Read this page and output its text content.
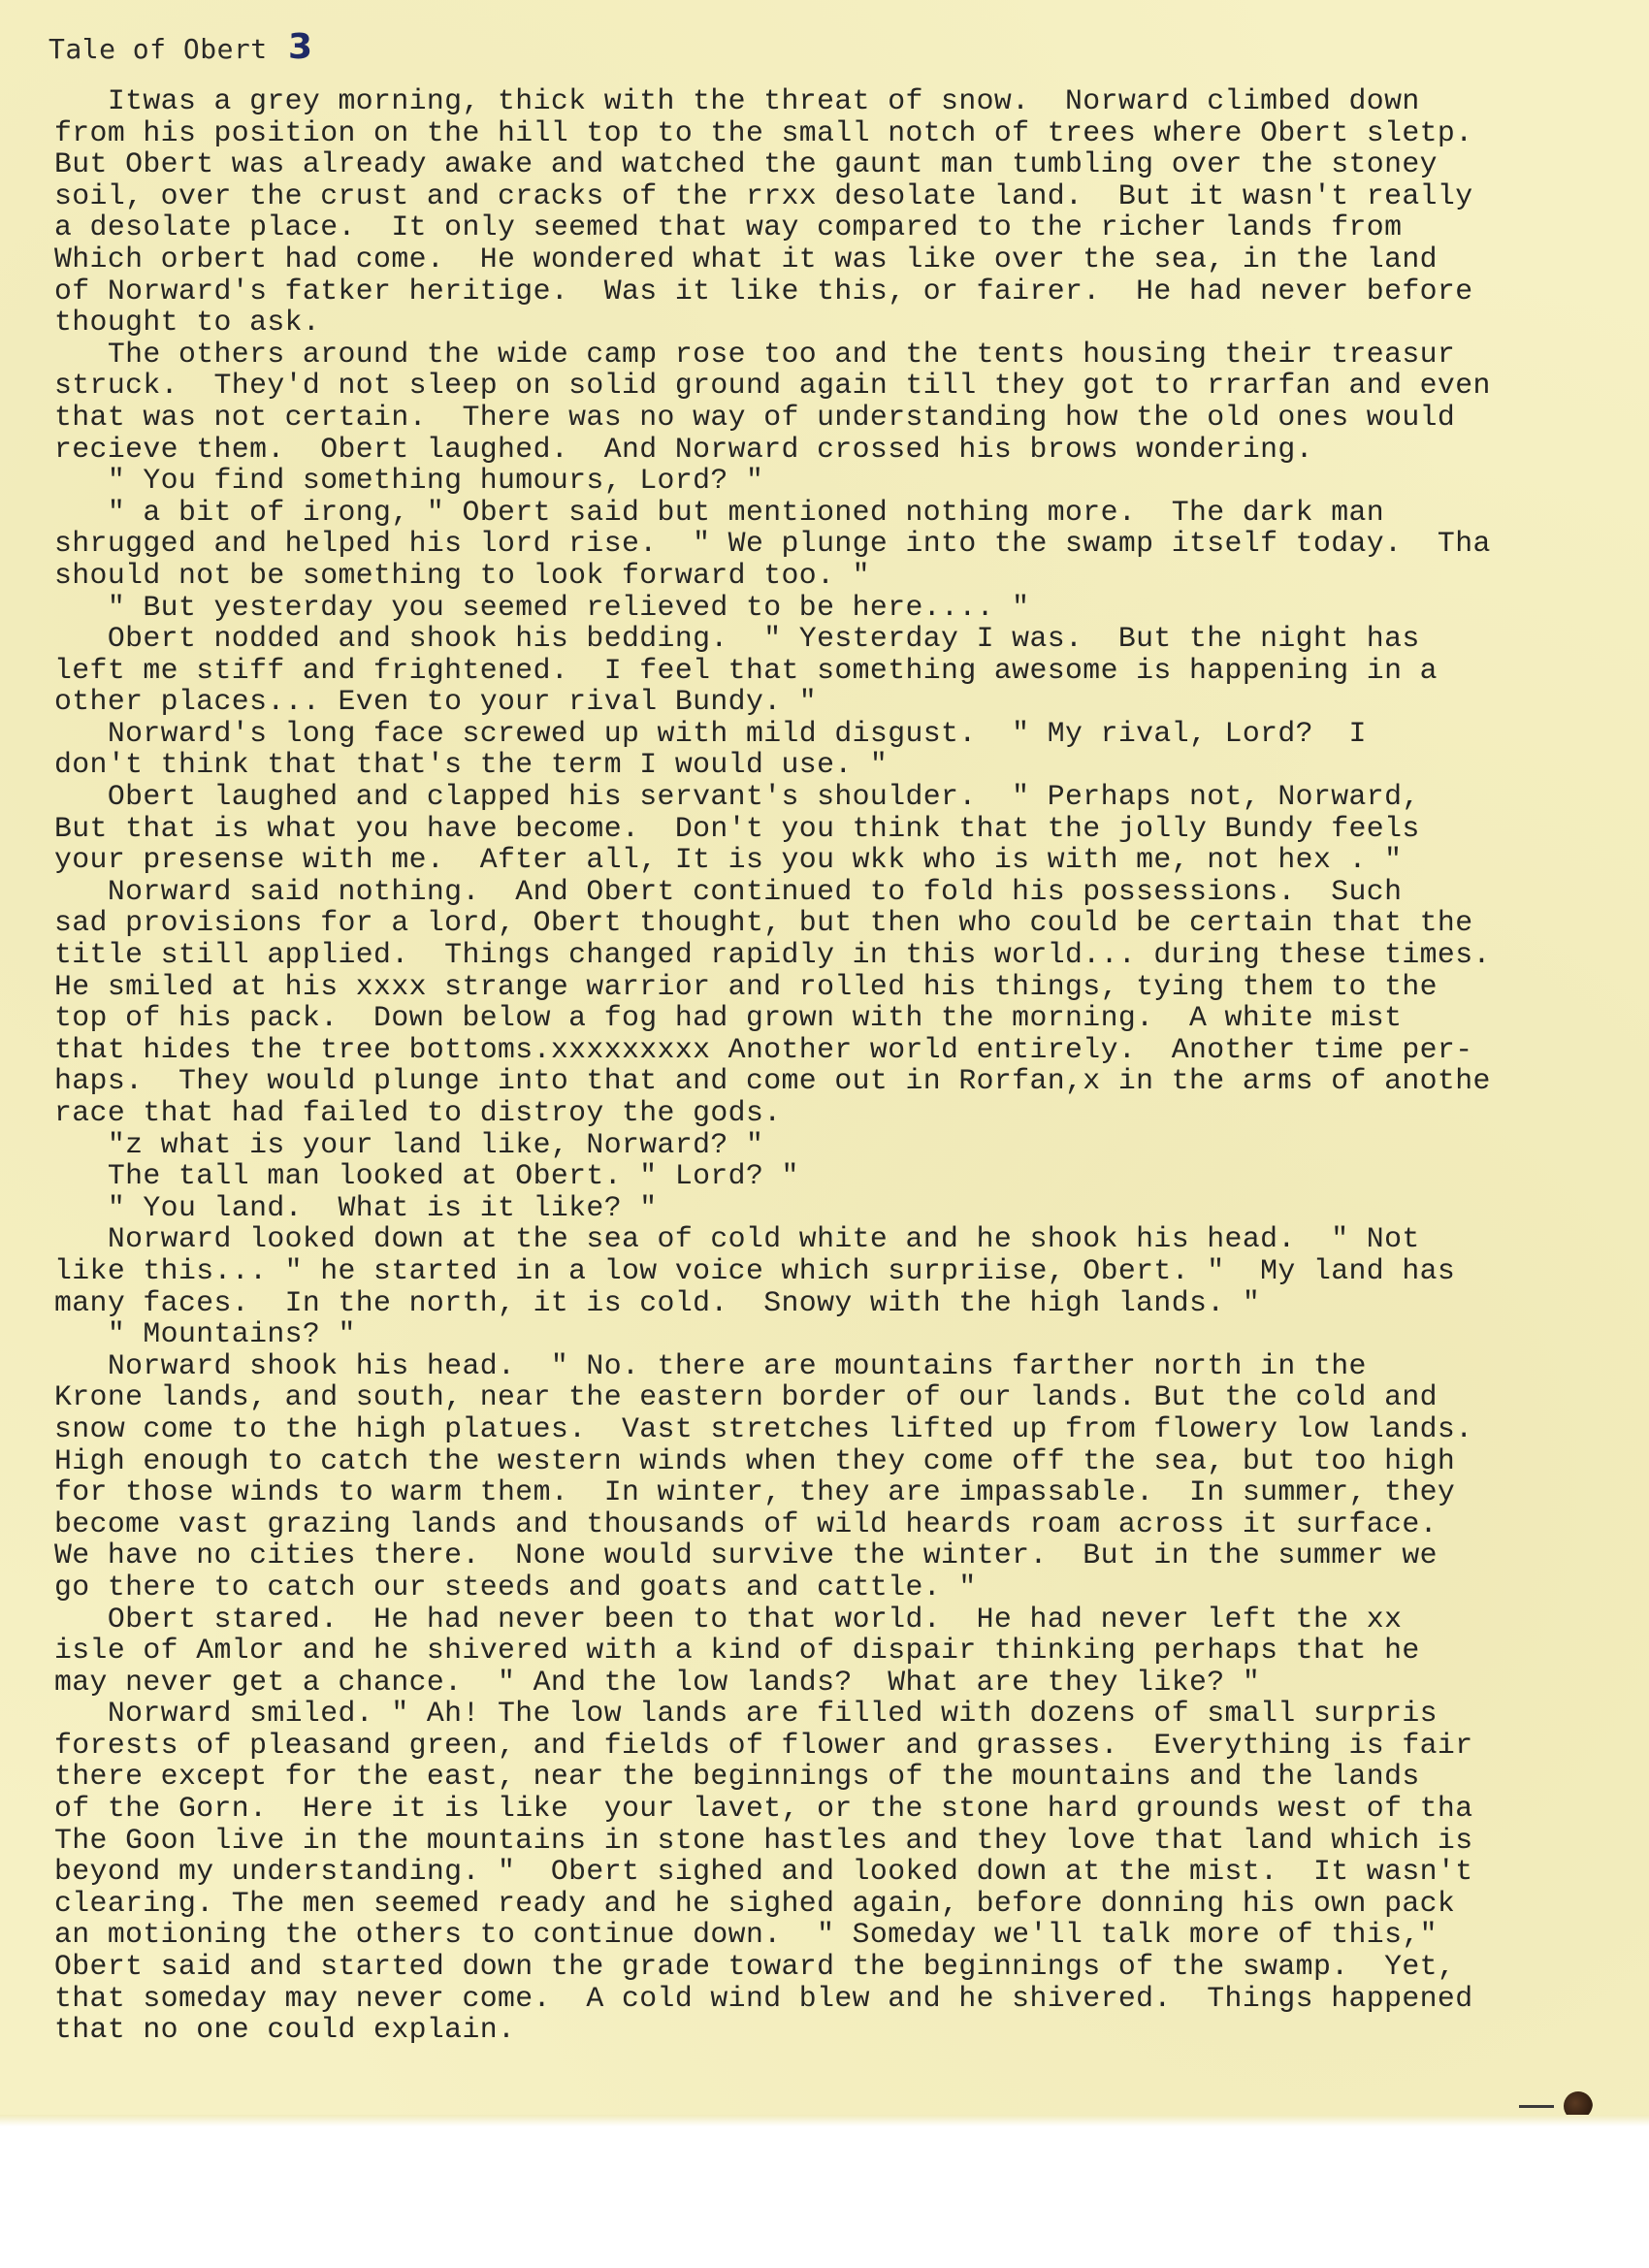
Tale of Obert 3
Itwas a grey morning, thick with the threat of snow.  Norward climbed down
from his position on the hill top to the small notch of trees where Obert sletp.
But Obert was already awake and watched the gaunt man tumbling over the stoney
soil, over the crust and cracks of the rrxx desolate land.  But it wasn't really
a desolate place.  It only seemed that way compared to the richer lands from
Which orbert had come.  He wondered what it was like over the sea, in the land
of Norward's fatker heritige.  Was it like this, or fairer.  He had never before
thought to ask.
The others around the wide camp rose too and the tents housing their treasur
struck.  They'd not sleep on solid ground again till they got to rrarfan and even
that was not certain.  There was no way of understanding how the old ones would
recieve them.  Obert laughed.  And Norward crossed his brows wondering.
" You find something humours, Lord? "
" a bit of irong, " Obert said but mentioned nothing more.  The dark man
shrugged and helped his lord rise.  " We plunge into the swamp itself today.  Tha
should not be something to look forward too. "
" But yesterday you seemed relieved to be here.... "
Obert nodded and shook his bedding.  " Yesterday I was.  But the night has
left me stiff and frightened.  I feel that something awesome is happening in a
other places... Even to your rival Bundy. "
Norward's long face screwed up with mild disgust.  " My rival, Lord?  I
don't think that that's the term I would use. "
Obert laughed and clapped his servant's shoulder.  " Perhaps not, Norward,
But that is what you have become.  Don't you think that the jolly Bundy feels
your presense with me.  After all, It is you wkk who is with me, not hex . "
Norward said nothing.  And Obert continued to fold his possessions.  Such
sad provisions for a lord, Obert thought, but then who could be certain that the
title still applied.  Things changed rapidly in this world... during these times.
He smiled at his xxxx strange warrior and rolled his things, tying them to the
top of his pack.  Down below a fog had grown with the morning.  A white mist
that hides the tree bottoms.xxxxxxxxx Another world entirely.  Another time per-
haps.  They would plunge into that and come out in Rorfan,x in the arms of anothe
race that had failed to distroy the gods.
"z what is your land like, Norward? "
The tall man looked at Obert. " Lord? "
" You land.  What is it like? "
Norward looked down at the sea of cold white and he shook his head.  " Not
like this... " he started in a low voice which surpriise, Obert. "  My land has
many faces.  In the north, it is cold.  Snowy with the high lands. "
" Mountains? "
Norward shook his head.  " No. there are mountains farther north in the
Krone lands, and south, near the eastern border of our lands. But the cold and
snow come to the high platues.  Vast stretches lifted up from flowery low lands.
High enough to catch the western winds when they come off the sea, but too high
for those winds to warm them.  In winter, they are impassable.  In summer, they
become vast grazing lands and thousands of wild heards roam across it surface.
We have no cities there.  None would survive the winter.  But in the summer we
go there to catch our steeds and goats and cattle. "
Obert stared.  He had never been to that world.  He had never left the xx
isle of Amlor and he shivered with a kind of dispair thinking perhaps that he
may never get a chance.  " And the low lands?  What are they like? "
Norward smiled. " Ah! The low lands are filled with dozens of small surpris
forests of pleasand green, and fields of flower and grasses.  Everything is fair
there except for the east, near the beginnings of the mountains and the lands
of the Gorn.  Here it is like  your lavet, or the stone hard grounds west of tha
The Goon live in the mountains in stone hastles and they love that land which is
beyond my understanding. "  Obert sighed and looked down at the mist.  It wasn't
clearing. The men seemed ready and he sighed again, before donning his own pack
an motioning the others to continue down.  " Someday we'll talk more of this,"
Obert said and started down the grade toward the beginnings of the swamp.  Yet,
that someday may never come.  A cold wind blew and he shivered.  Things happened
that no one could explain.
